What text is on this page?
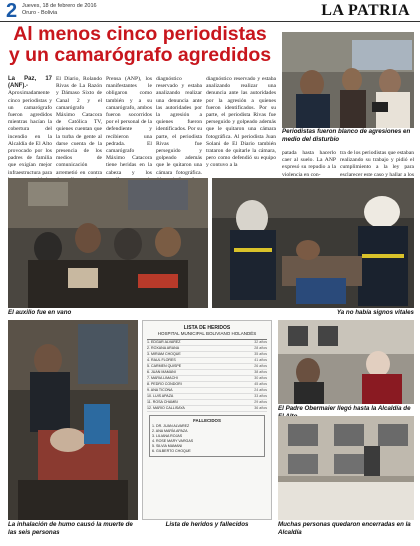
2 Jueves, 18 de febrero de 2016
Oruro - Bolivia	LA PATRIA
Al menos cinco periodistas
y un camarógrafo agredidos
La Paz, 17 (ANF).-
Aproximadamente cinco periodistas y un camarógrafo fueron agredidos mientras hacían la cobertura del incendio en la Alcaldía de El Alto provocado por los padres de familia que exigían mejor infraestructura para
El Diario, Rolando Rivas de La Razón y Dámaso Sixto de Canal 2 y el camarógrafo Máximo Catacora de Católica TV, quienes cuentan que la turba de gente al darse cuenta de la presencia de los medios de comunicación arremetió en contra
Prensa (ANP), los manifestantes le obligaron como también y a su camarógrafo, ambos fueron socorridos por el personal de la defendiente y recibieron una pedrada. El camarógrafo Máximo Catacora tiene heridas en la cabeza y los
diagnóstico reservado y estaba analizando realizar una denuncia ante las autoridades por la agresión a quienes fueron identificados. Por su parte, el periodista Rivas fue perseguido y golpeado además que le quitaron una cámara fotográfica.
diagnóstico reservado y estaba analizando realizar una denuncia ante las autoridades por la agresión a quienes fueron identificados. Por su parte, el periodista Rivas fue perseguido y golpeado además que le quitaron una cámara fotográfica. Al periodista Juan Solani de El Diario también trataron de quitarle la cámara, pero como defendió su equipo y contuvo a la
patada hasta hacerlo caer al suelo. La ANP expresó su repudio a la violencia en con-
tra de los periodistas que estaban realizando su trabajo y pidió el cumplimiento a la ley para esclarecer este caso y hallar a los
Periodistas fueron blanco de agresiones en medio del disturbio
El auxilio fue en vano	Ya no había signos vitales
La inhalación de humo causó la muerte de las seis personas
LISTA DE HERIDOS
HOSPITAL MUNICIPAL BOLIVIANO HOLANDÉS
1. EDGAR ALVAREZ	32 años
2. ROXANA ARANA	28 años
3. MIRIAM CHOQUE	35 años
4. RAUL FLORES	41 años
5. CARMEN QUISPE	26 años
6. JUAN MAMANI	38 años
7. MARIA LIMACHI	30 años
8. PEDRO CONDORI	45 años
9. ANA TICONA	24 años
10. LUIS APAZA	33 años
11. ROSA CHAMBI	29 años
12. MARIO CALLISAYA	36 años
FALLECIDOS
1. DR. JUAN ALVAREZ
2. ANA MARÍA APAZA
3. LILIANA ROJAS
4. ROSE MARY VARGAS
5. SILVIA MAMANI
6. GILBERTO CHOQUE
Lista de heridos y fallecidos
El Padre Obermaier llegó hasta la Alcaldía de
Muchas personas quedaron encerradas en la Alcaldía
